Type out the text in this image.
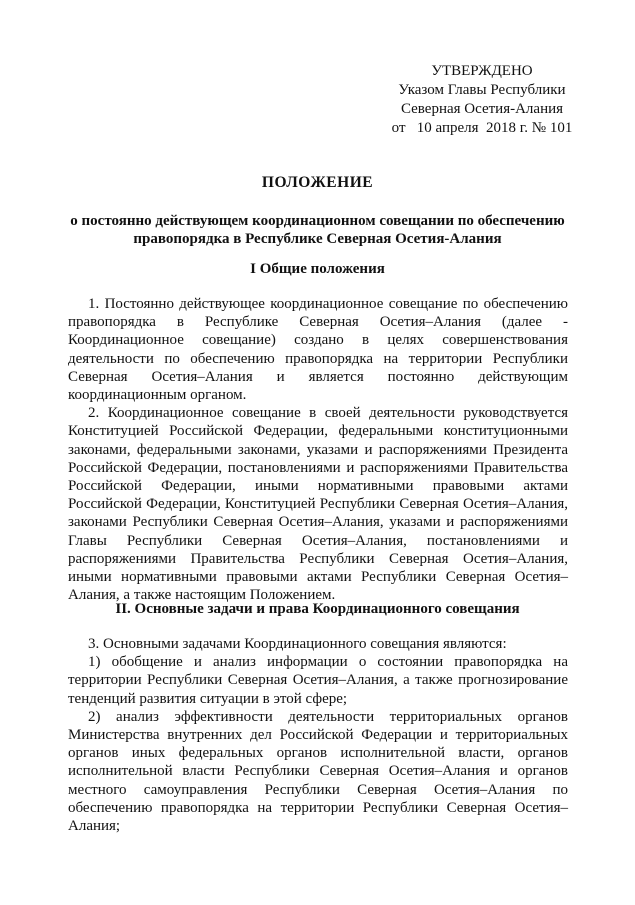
УТВЕРЖДЕНО
Указом Главы Республики
Северная Осетия-Алания
от   10 апреля  2018 г. № 101
ПОЛОЖЕНИЕ
о постоянно действующем координационном совещании по обеспечению правопорядка в Республике Северная Осетия-Алания
I Общие положения

1. Постоянно действующее координационное совещание по обеспечению правопорядка в Республике Северная Осетия–Алания (далее - Координационное совещание) создано в целях совершенствования деятельности по обеспечению правопорядка на территории Республики Северная Осетия–Алания и является постоянно действующим координационным органом.

2. Координационное совещание в своей деятельности руководствуется Конституцией Российской Федерации, федеральными конституционными законами, федеральными законами, указами и распоряжениями Президента Российской Федерации, постановлениями и распоряжениями Правительства Российской Федерации, иными нормативными правовыми актами Российской Федерации, Конституцией Республики Северная Осетия–Алания, законами Республики Северная Осетия–Алания, указами и распоряжениями Главы Республики Северная Осетия–Алания, постановлениями и распоряжениями Правительства Республики Северная Осетия–Алания, иными нормативными правовыми актами Республики Северная Осетия–Алания, а также настоящим Положением.

II. Основные задачи и права Координационного совещания

3. Основными задачами Координационного совещания являются:

1) обобщение и анализ информации о состоянии правопорядка на территории Республики Северная Осетия–Алания, а также прогнозирование тенденций развития ситуации в этой сфере;

2) анализ эффективности деятельности территориальных органов Министерства внутренних дел Российской Федерации и территориальных органов иных федеральных органов исполнительной власти, органов исполнительной власти Республики Северная Осетия–Алания и органов местного самоуправления Республики Северная Осетия–Алания по обеспечению правопорядка на территории Республики Северная Осетия–Алания;
